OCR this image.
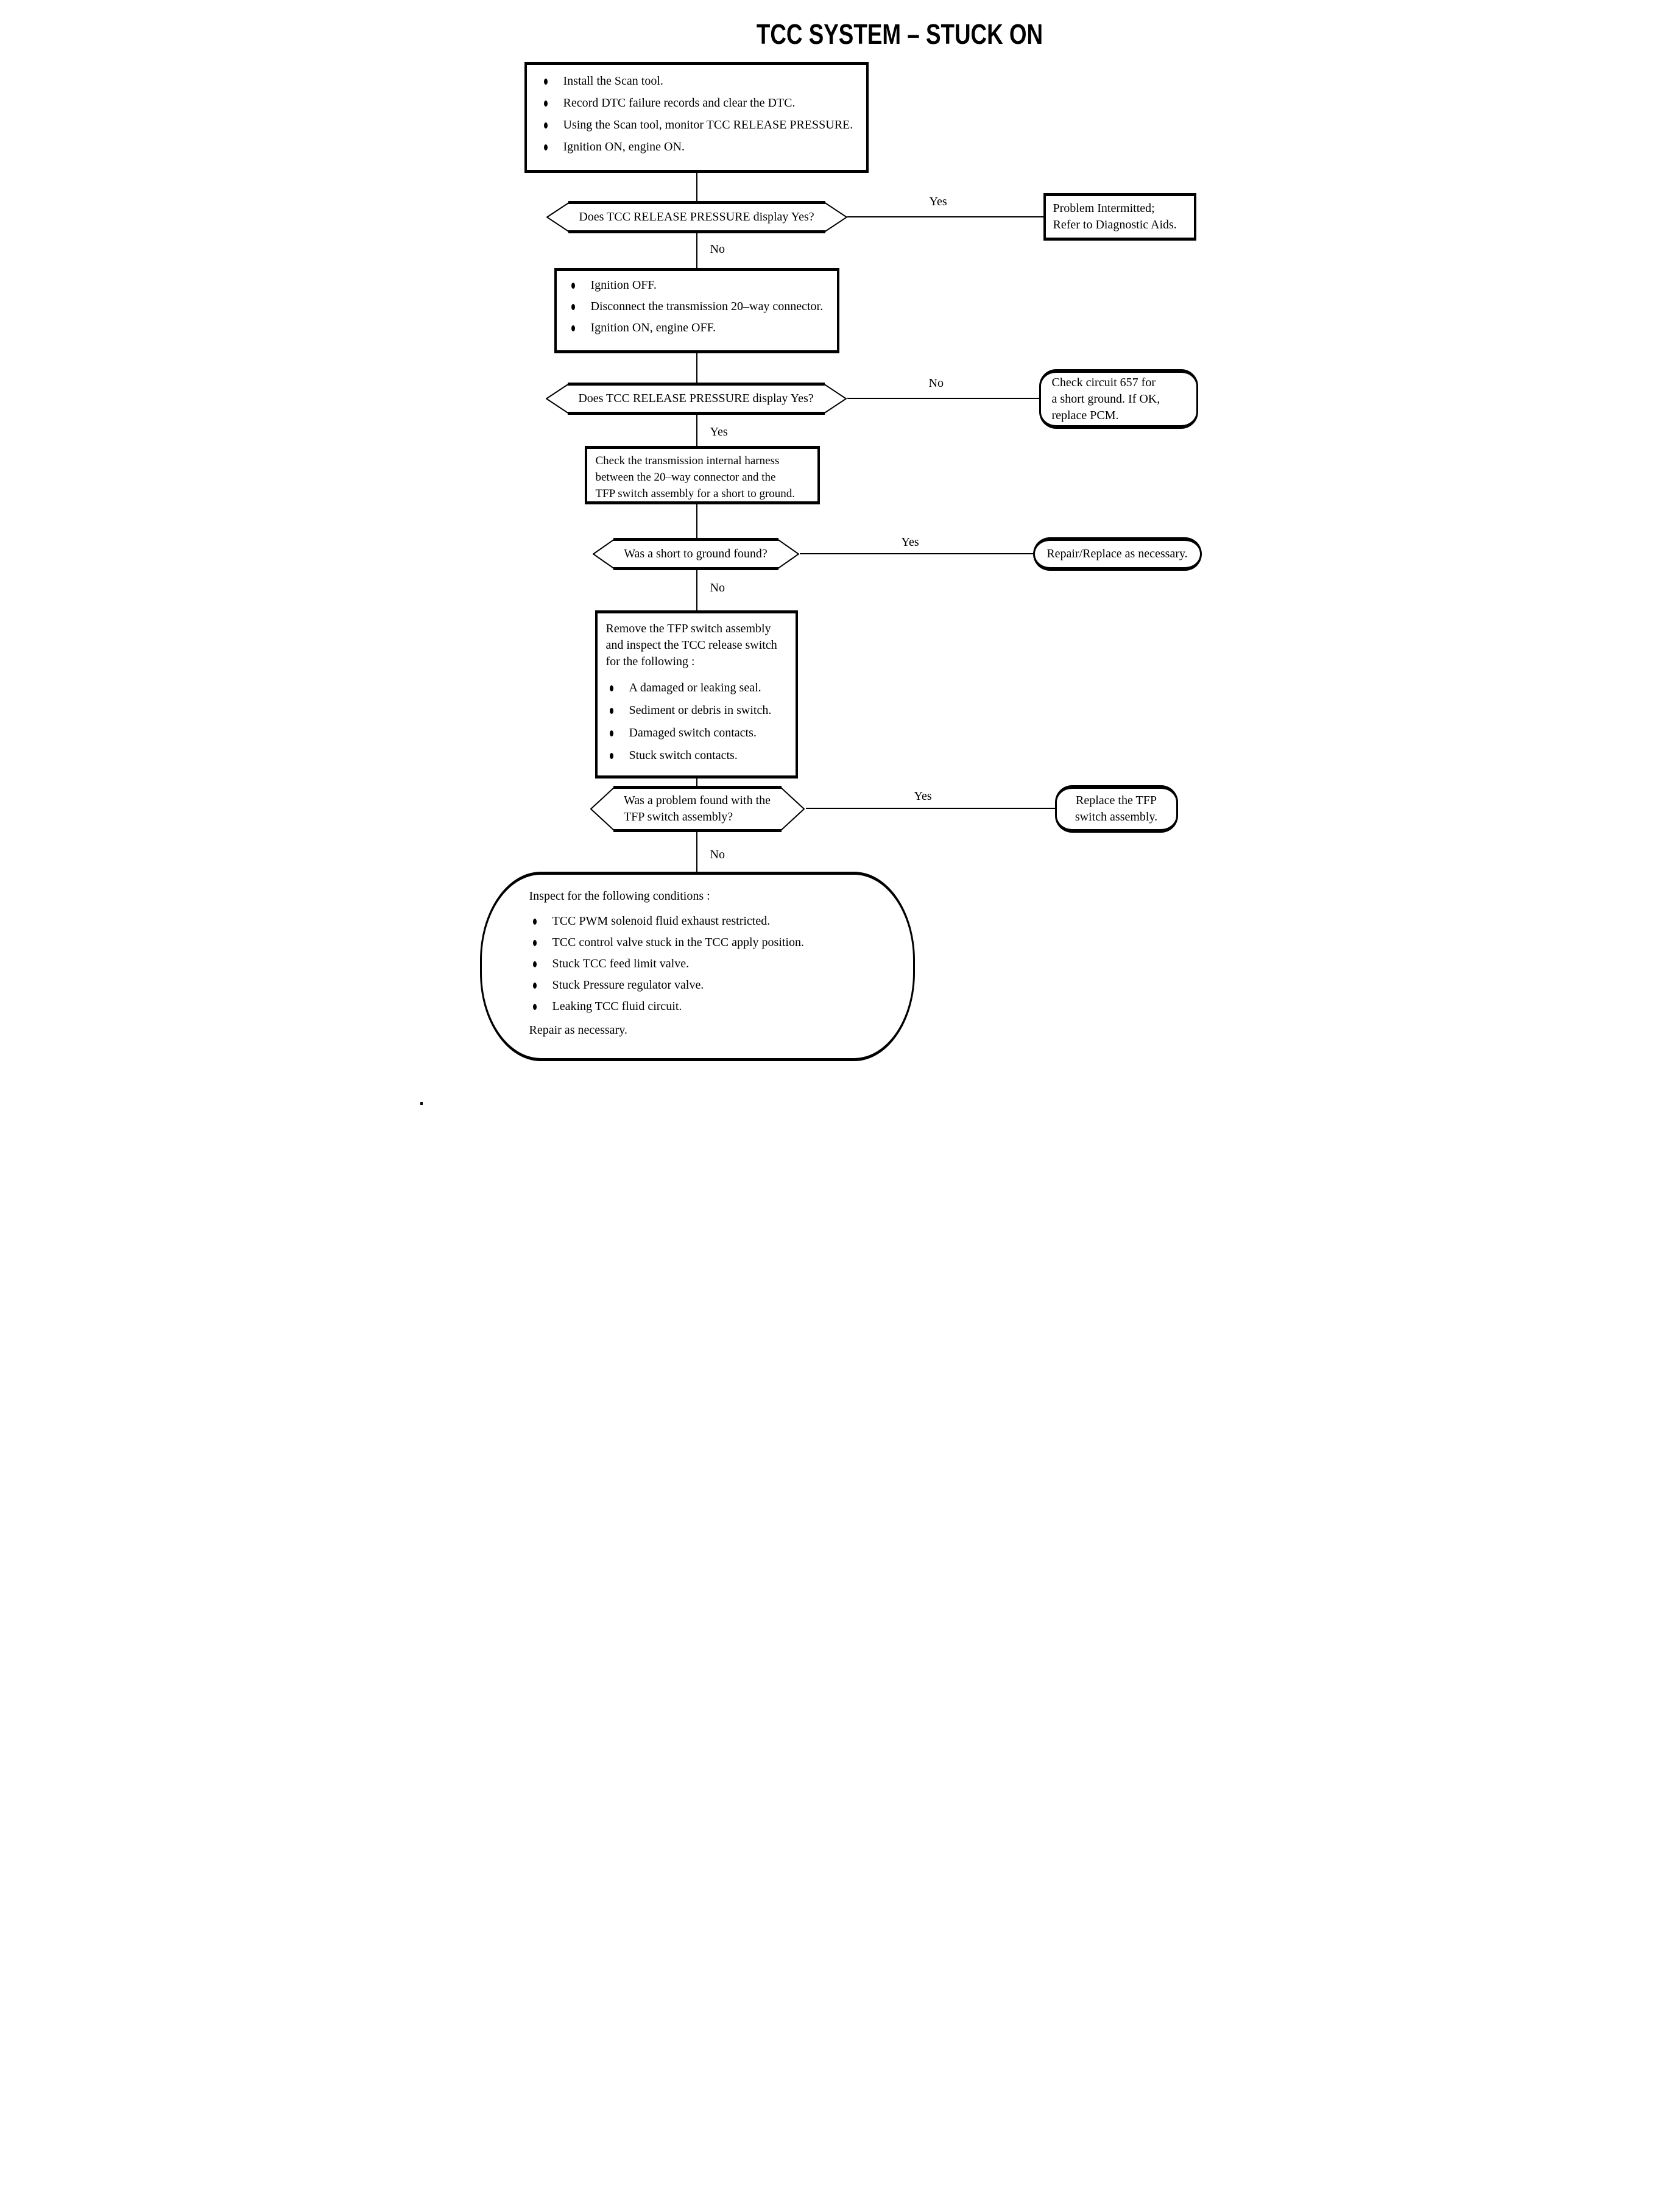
TCC SYSTEM – STUCK ON
Install the Scan tool.
Record DTC failure records and clear the DTC.
Using the Scan tool, monitor TCC RELEASE PRESSURE.
Ignition ON, engine ON.
Does TCC RELEASE PRESSURE display Yes?
Yes	Problem Intermitted;
Refer to Diagnostic Aids.
No
Ignition OFF.
Disconnect the transmission 20–way connector.
Ignition ON, engine OFF.
Does TCC RELEASE PRESSURE display Yes?
No	Check circuit 657 for
a short ground. If OK,
replace PCM.
Yes
Check the transmission internal harness
between the 20–way connector and the
TFP switch assembly for a short to ground.
Was a short to ground found?
Yes
Repair/Replace as necessary.
No
Remove the TFP switch assembly
and inspect the TCC release switch
for the following :
A damaged or leaking seal.
Sediment or debris in switch.
Damaged switch contacts.
Stuck switch contacts.
Was a problem found with the
TFP switch assembly?
Yes	Replace the TFP
switch assembly.
No
Inspect for the following conditions :
TCC PWM solenoid fluid exhaust restricted.
TCC control valve stuck in the TCC apply position.
Stuck TCC feed limit valve.
Stuck Pressure regulator valve.
Leaking TCC fluid circuit.
Repair as necessary.
